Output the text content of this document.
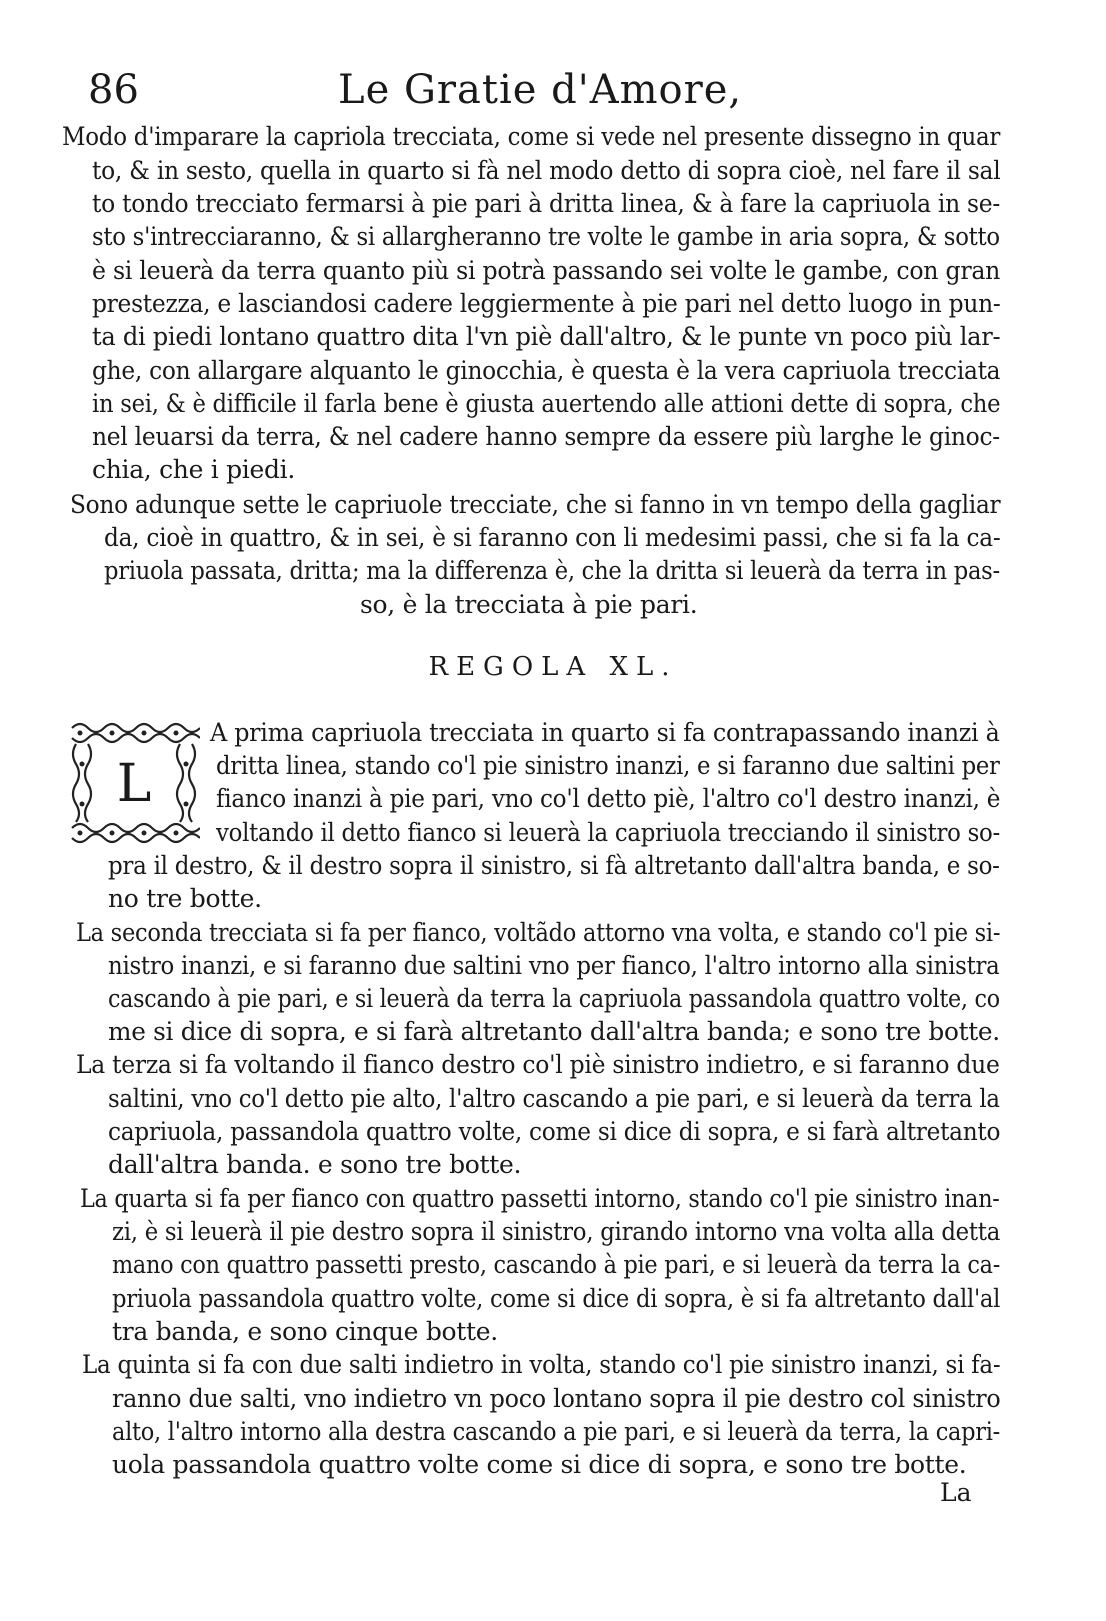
86	Le Gratie d'Amore,
Modo d'imparare la capriola trecciata, come si vede nel presente dissegno in quar
to, & in sesto, quella in quarto si fà nel modo detto di sopra cioè, nel fare il sal
to tondo trecciato fermarsi à pie pari à dritta linea, & à fare la capriuola in se-
sto s'intrecciaranno, & si allargheranno tre volte le gambe in aria sopra, & sotto
è si leuerà da terra quanto più si potrà passando sei volte le gambe, con gran
prestezza, e lasciandosi cadere leggiermente à pie pari nel detto luogo in pun-
ta di piedi lontano quattro dita l'vn piè dall'altro, & le punte vn poco più lar-
ghe, con allargare alquanto le ginocchia, è questa è la vera capriuola trecciata
in sei, & è difficile il farla bene è giusta auertendo alle attioni dette di sopra, che
nel leuarsi da terra, & nel cadere hanno sempre da essere più larghe le ginoc-
chia, che i piedi.
Sono adunque sette le capriuole trecciate, che si fanno in vn tempo della gagliar
da, cioè in quattro, & in sei, è si faranno con li medesimi passi, che si fa la ca-
priuola passata, dritta; ma la differenza è, che la dritta si leuerà da terra in pas-
so, è la trecciata à pie pari.
REGOLA XL.
L
A prima capriuola trecciata in quarto si fa contrapassando inanzi à
dritta linea, stando co'l pie sinistro inanzi, e si faranno due saltini per
fianco inanzi à pie pari, vno co'l detto piè, l'altro co'l destro inanzi, è
voltando il detto fianco si leuerà la capriuola trecciando il sinistro so-
pra il destro, & il destro sopra il sinistro, si fà altretanto dall'altra banda, e so-
no tre botte.
La seconda trecciata si fa per fianco, voltãdo attorno vna volta, e stando co'l pie si-
nistro inanzi, e si faranno due saltini vno per fianco, l'altro intorno alla sinistra
cascando à pie pari, e si leuerà da terra la capriuola passandola quattro volte, co
me si dice di sopra, e si farà altretanto dall'altra banda; e sono tre botte.
La terza si fa voltando il fianco destro co'l piè sinistro indietro, e si faranno due
saltini, vno co'l detto pie alto, l'altro cascando a pie pari, e si leuerà da terra la
capriuola, passandola quattro volte, come si dice di sopra, e si farà altretanto
dall'altra banda. e sono tre botte.
La quarta si fa per fianco con quattro passetti intorno, stando co'l pie sinistro inan-
zi, è si leuerà il pie destro sopra il sinistro, girando intorno vna volta alla detta
mano con quattro passetti presto, cascando à pie pari, e si leuerà da terra la ca-
priuola passandola quattro volte, come si dice di sopra, è si fa altretanto dall'al
tra banda, e sono cinque botte.
La quinta si fa con due salti indietro in volta, stando co'l pie sinistro inanzi, si fa-
ranno due salti, vno indietro vn poco lontano sopra il pie destro col sinistro
alto, l'altro intorno alla destra cascando a pie pari, e si leuerà da terra, la capri-
uola passandola quattro volte come si dice di sopra, e sono tre botte.
La
